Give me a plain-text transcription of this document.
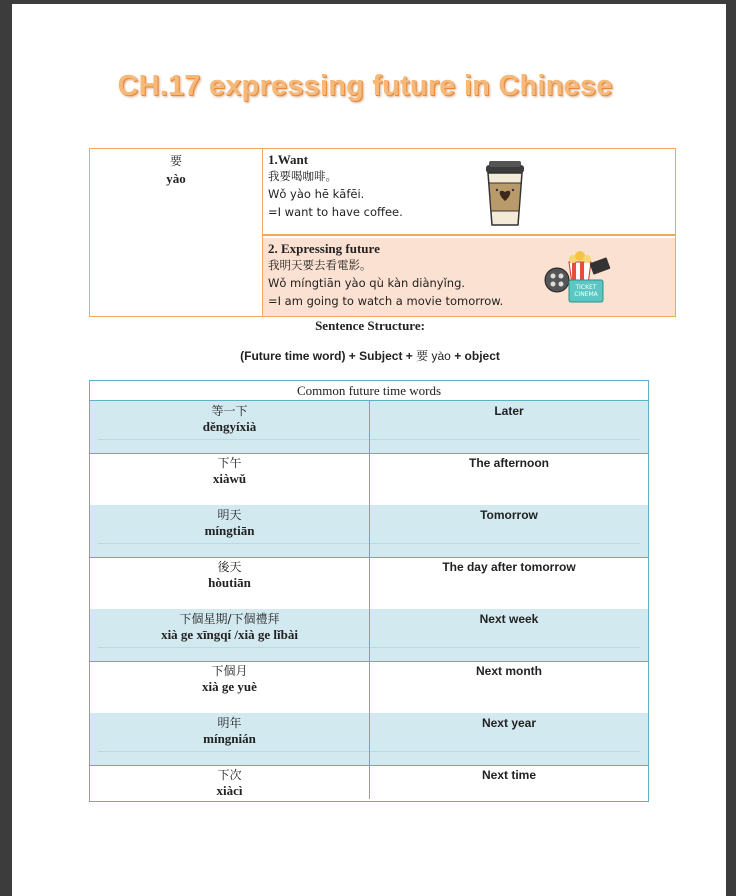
CH.17 expressing future in Chinese
要
yào
1.Want
我要喝咖啡。
Wǒ yào hē kāfēi.
=I want to have coffee.
2. Expressing future
我明天要去看電影。
Wǒ míngtiān yào qù kàn diànyǐng.
=I am going to watch a movie tomorrow.
TICKET
CINEMA
Sentence Structure:
(Future time word) + Subject + 要 yào + object
Common future time words
等一下
děngyíxià
Later
下午
xiàwǔ
The afternoon
明天
míngtiān
Tomorrow
後天
hòutiān
The day after tomorrow
下個星期/下個禮拜
xià ge xīngqí /xià ge lǐbài
Next week
下個月
xià ge yuè
Next month
明年
míngnián
Next year
下次
xiàcì
Next time
